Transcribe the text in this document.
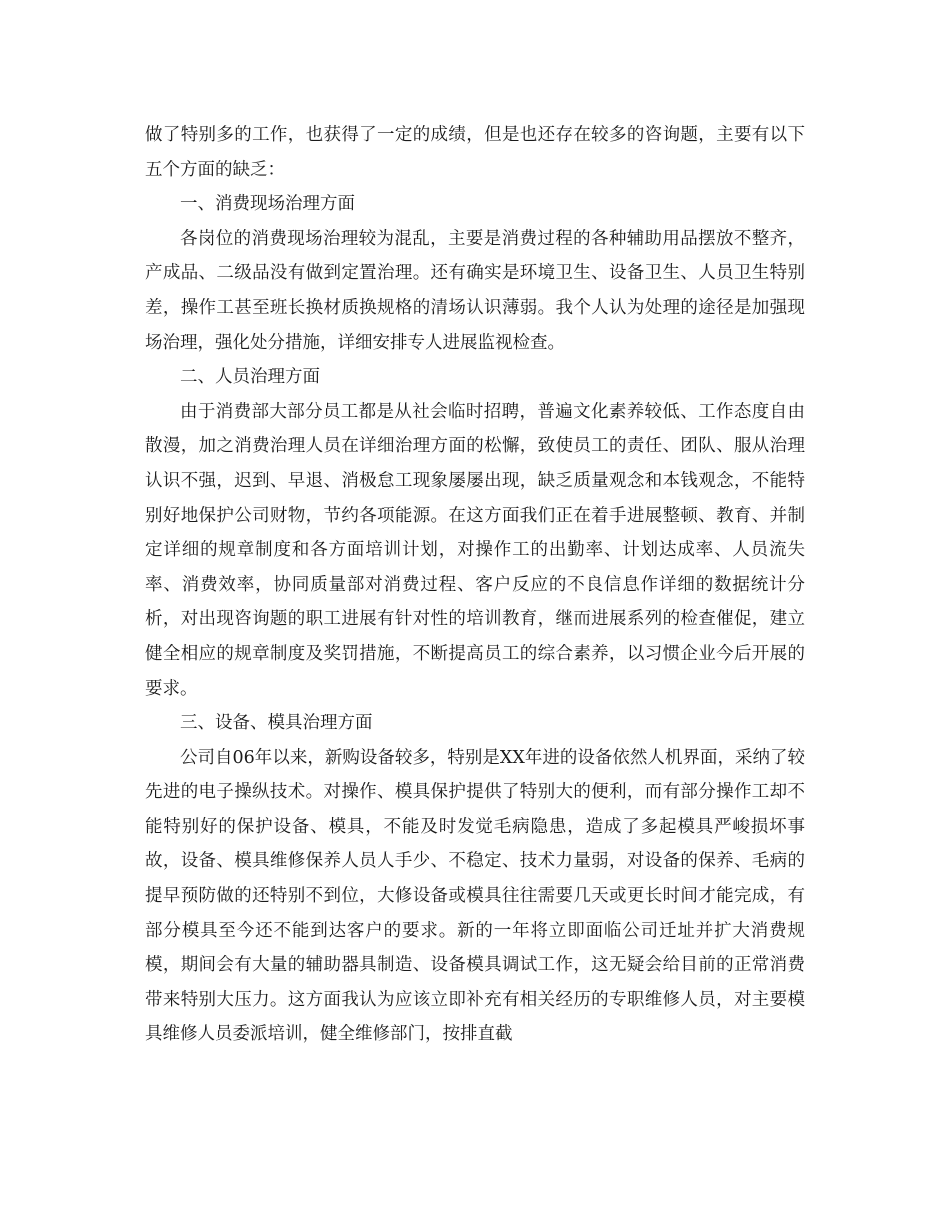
做了特别多的工作，也获得了一定的成绩，但是也还存在较多的咨询题，主要有以下五个方面的缺乏：

一、消费现场治理方面

各岗位的消费现场治理较为混乱，主要是消费过程的各种辅助用品摆放不整齐，产成品、二级品没有做到定置治理。还有确实是环境卫生、设备卫生、人员卫生特别差，操作工甚至班长换材质换规格的清场认识薄弱。我个人认为处理的途径是加强现场治理，强化处分措施，详细安排专人进展监视检查。

二、人员治理方面

由于消费部大部分员工都是从社会临时招聘，普遍文化素养较低、工作态度自由散漫，加之消费治理人员在详细治理方面的松懈，致使员工的责任、团队、服从治理认识不强，迟到、早退、消极怠工现象屡屡出现，缺乏质量观念和本钱观念，不能特别好地保护公司财物，节约各项能源。在这方面我们正在着手进展整顿、教育、并制定详细的规章制度和各方面培训计划，对操作工的出勤率、计划达成率、人员流失率、消费效率，协同质量部对消费过程、客户反应的不良信息作详细的数据统计分析，对出现咨询题的职工进展有针对性的培训教育，继而进展系列的检查催促，建立健全相应的规章制度及奖罚措施，不断提高员工的综合素养，以习惯企业今后开展的要求。

三、设备、模具治理方面

公司自06年以来，新购设备较多，特别是XX年进的设备依然人机界面，采纳了较先进的电子操纵技术。对操作、模具保护提供了特别大的便利，而有部分操作工却不能特别好的保护设备、模具，不能及时发觉毛病隐患，造成了多起模具严峻损坏事故，设备、模具维修保养人员人手少、不稳定、技术力量弱，对设备的保养、毛病的提早预防做的还特别不到位，大修设备或模具往往需要几天或更长时间才能完成，有部分模具至今还不能到达客户的要求。新的一年将立即面临公司迁址并扩大消费规模，期间会有大量的辅助器具制造、设备模具调试工作，这无疑会给目前的正常消费带来特别大压力。这方面我认为应该立即补充有相关经历的专职维修人员，对主要模具维修人员委派培训，健全维修部门，按排直截
